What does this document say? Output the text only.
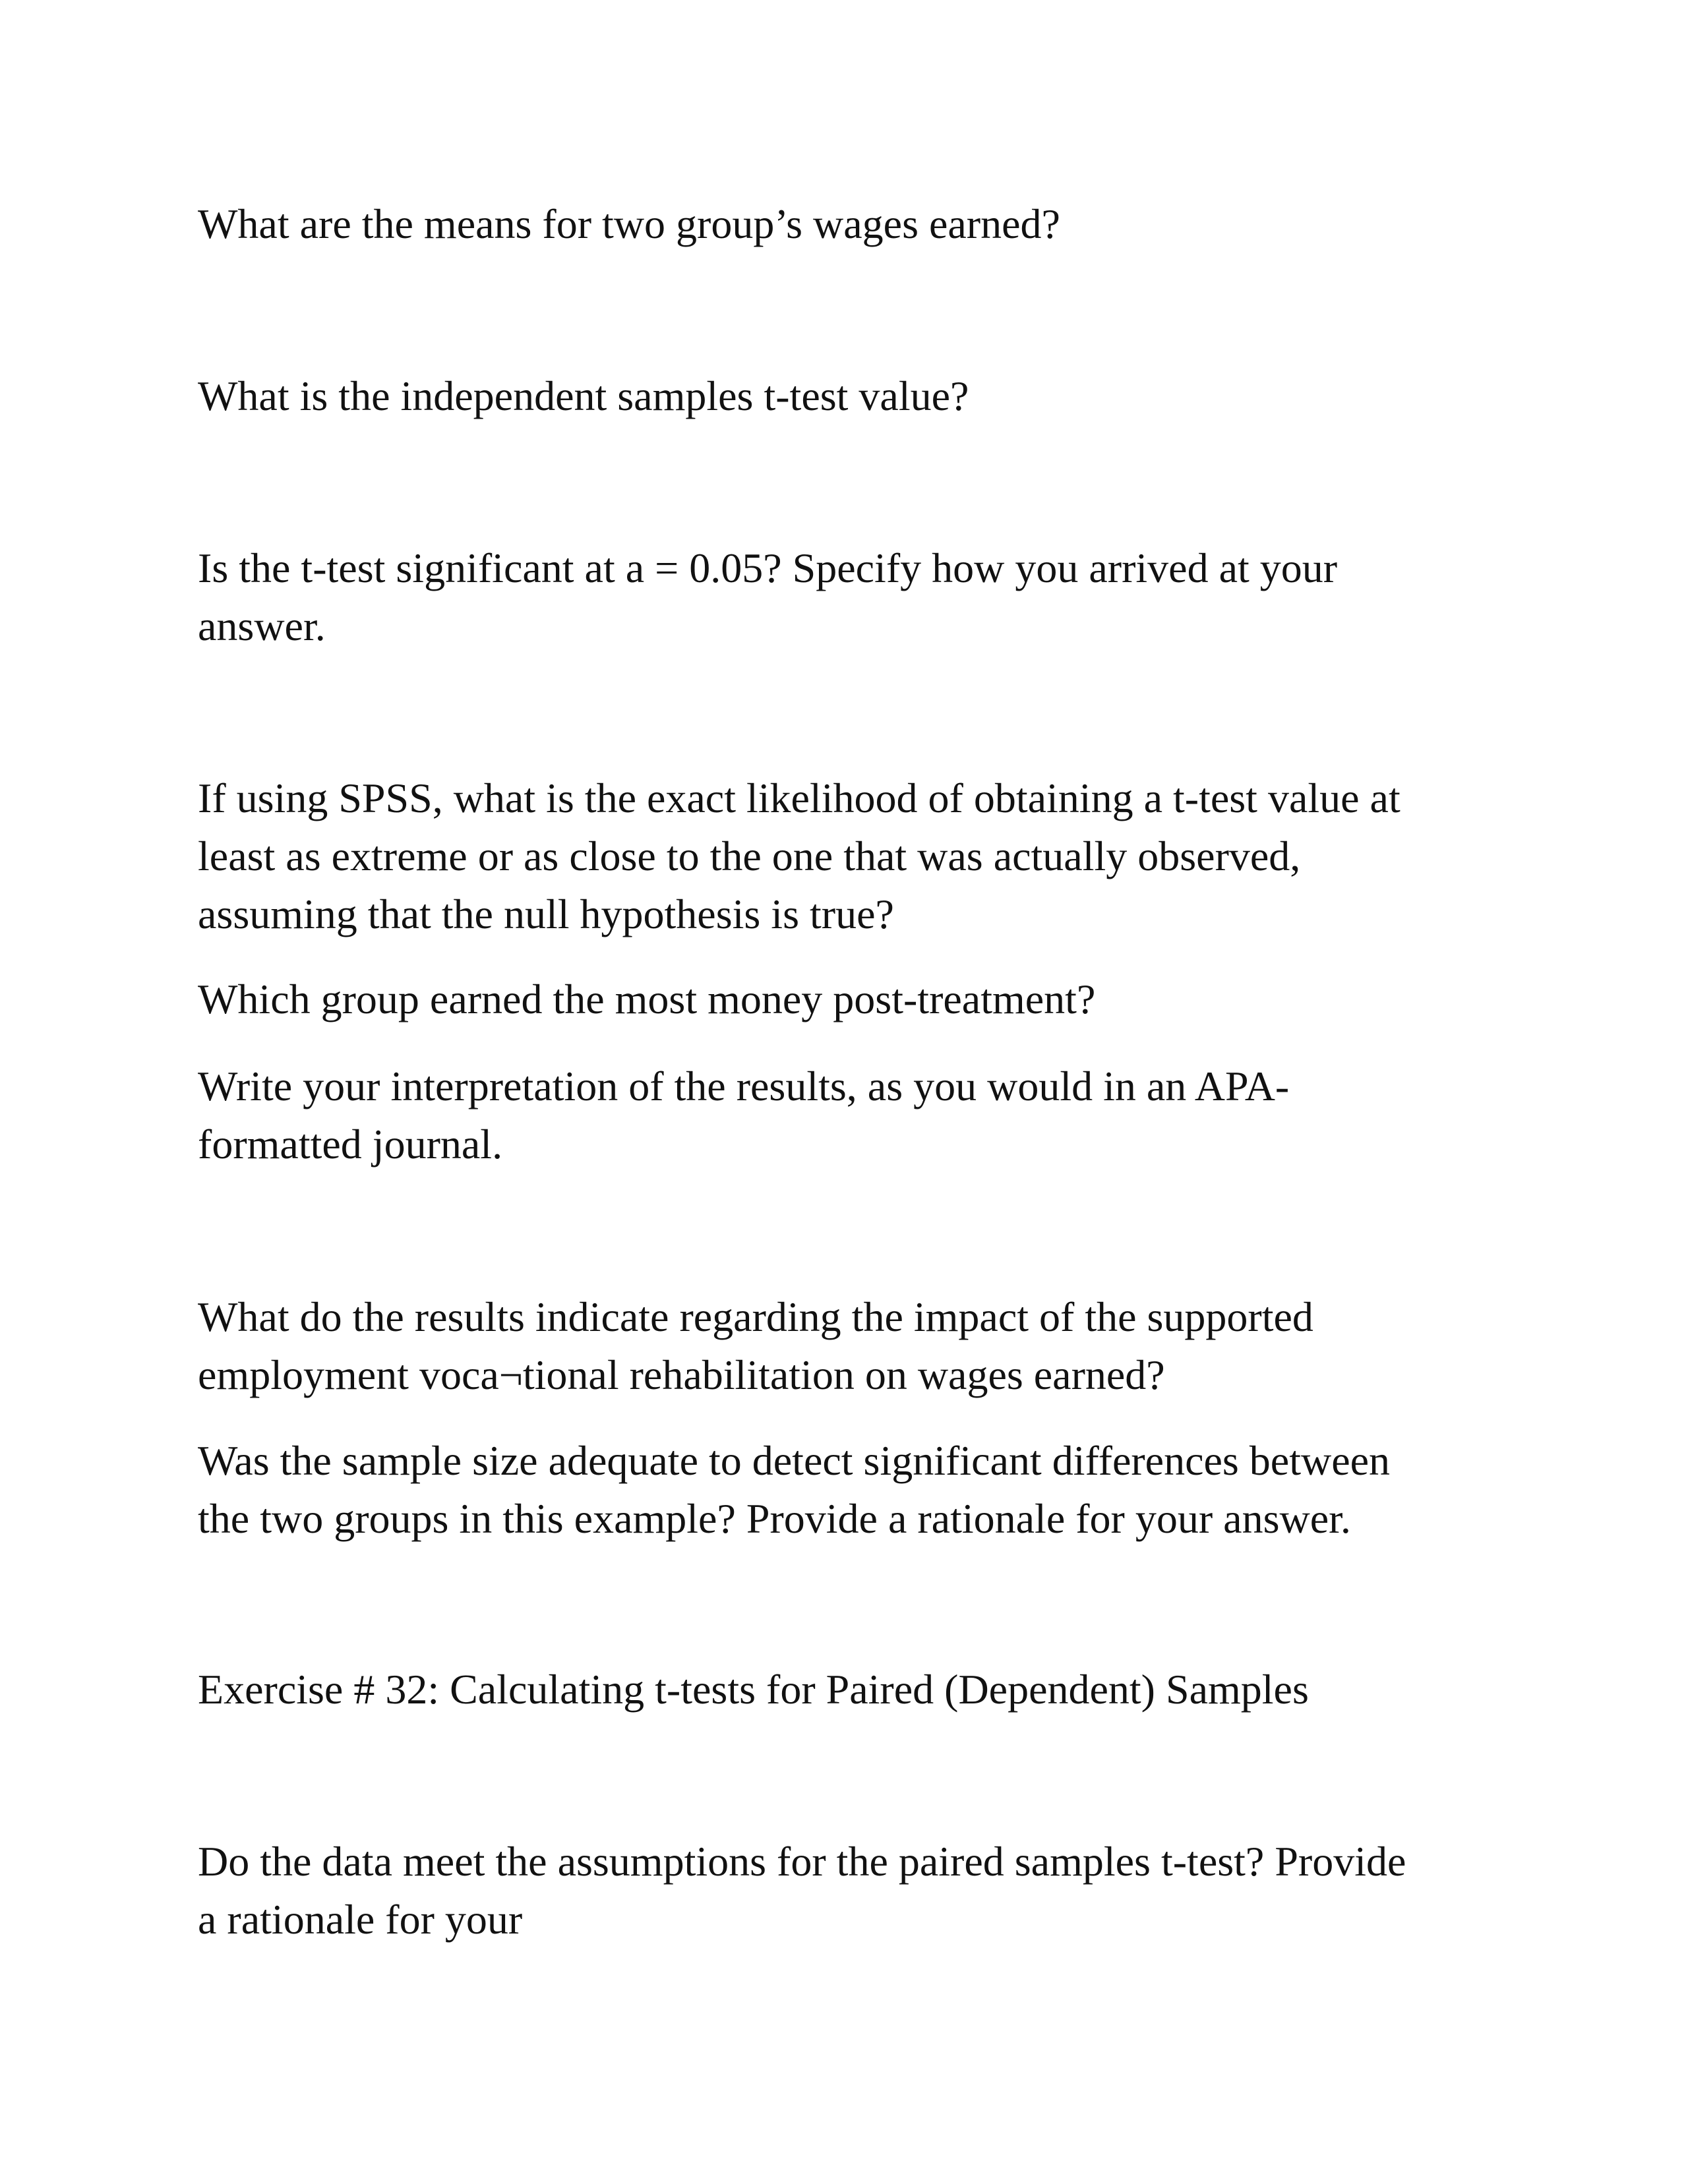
What are the means for two group’s wages earned?

What is the independent samples t-test value?

Is the t-test significant at a = 0.05? Specify how you arrived at your
answer.

If using SPSS, what is the exact likelihood of obtaining a t-test value at
least as extreme or as close to the one that was actually observed,
assuming that the null hypothesis is true?

Which group earned the most money post-treatment?

Write your interpretation of the results, as you would in an APA-
formatted journal.

What do the results indicate regarding the impact of the supported
employment voca¬tional rehabilitation on wages earned?

Was the sample size adequate to detect significant differences between
the two groups in this example? Provide a rationale for your answer.

Exercise # 32: Calculating t-tests for Paired (Dependent) Samples

Do the data meet the assumptions for the paired samples t-test? Provide
a rationale for your
